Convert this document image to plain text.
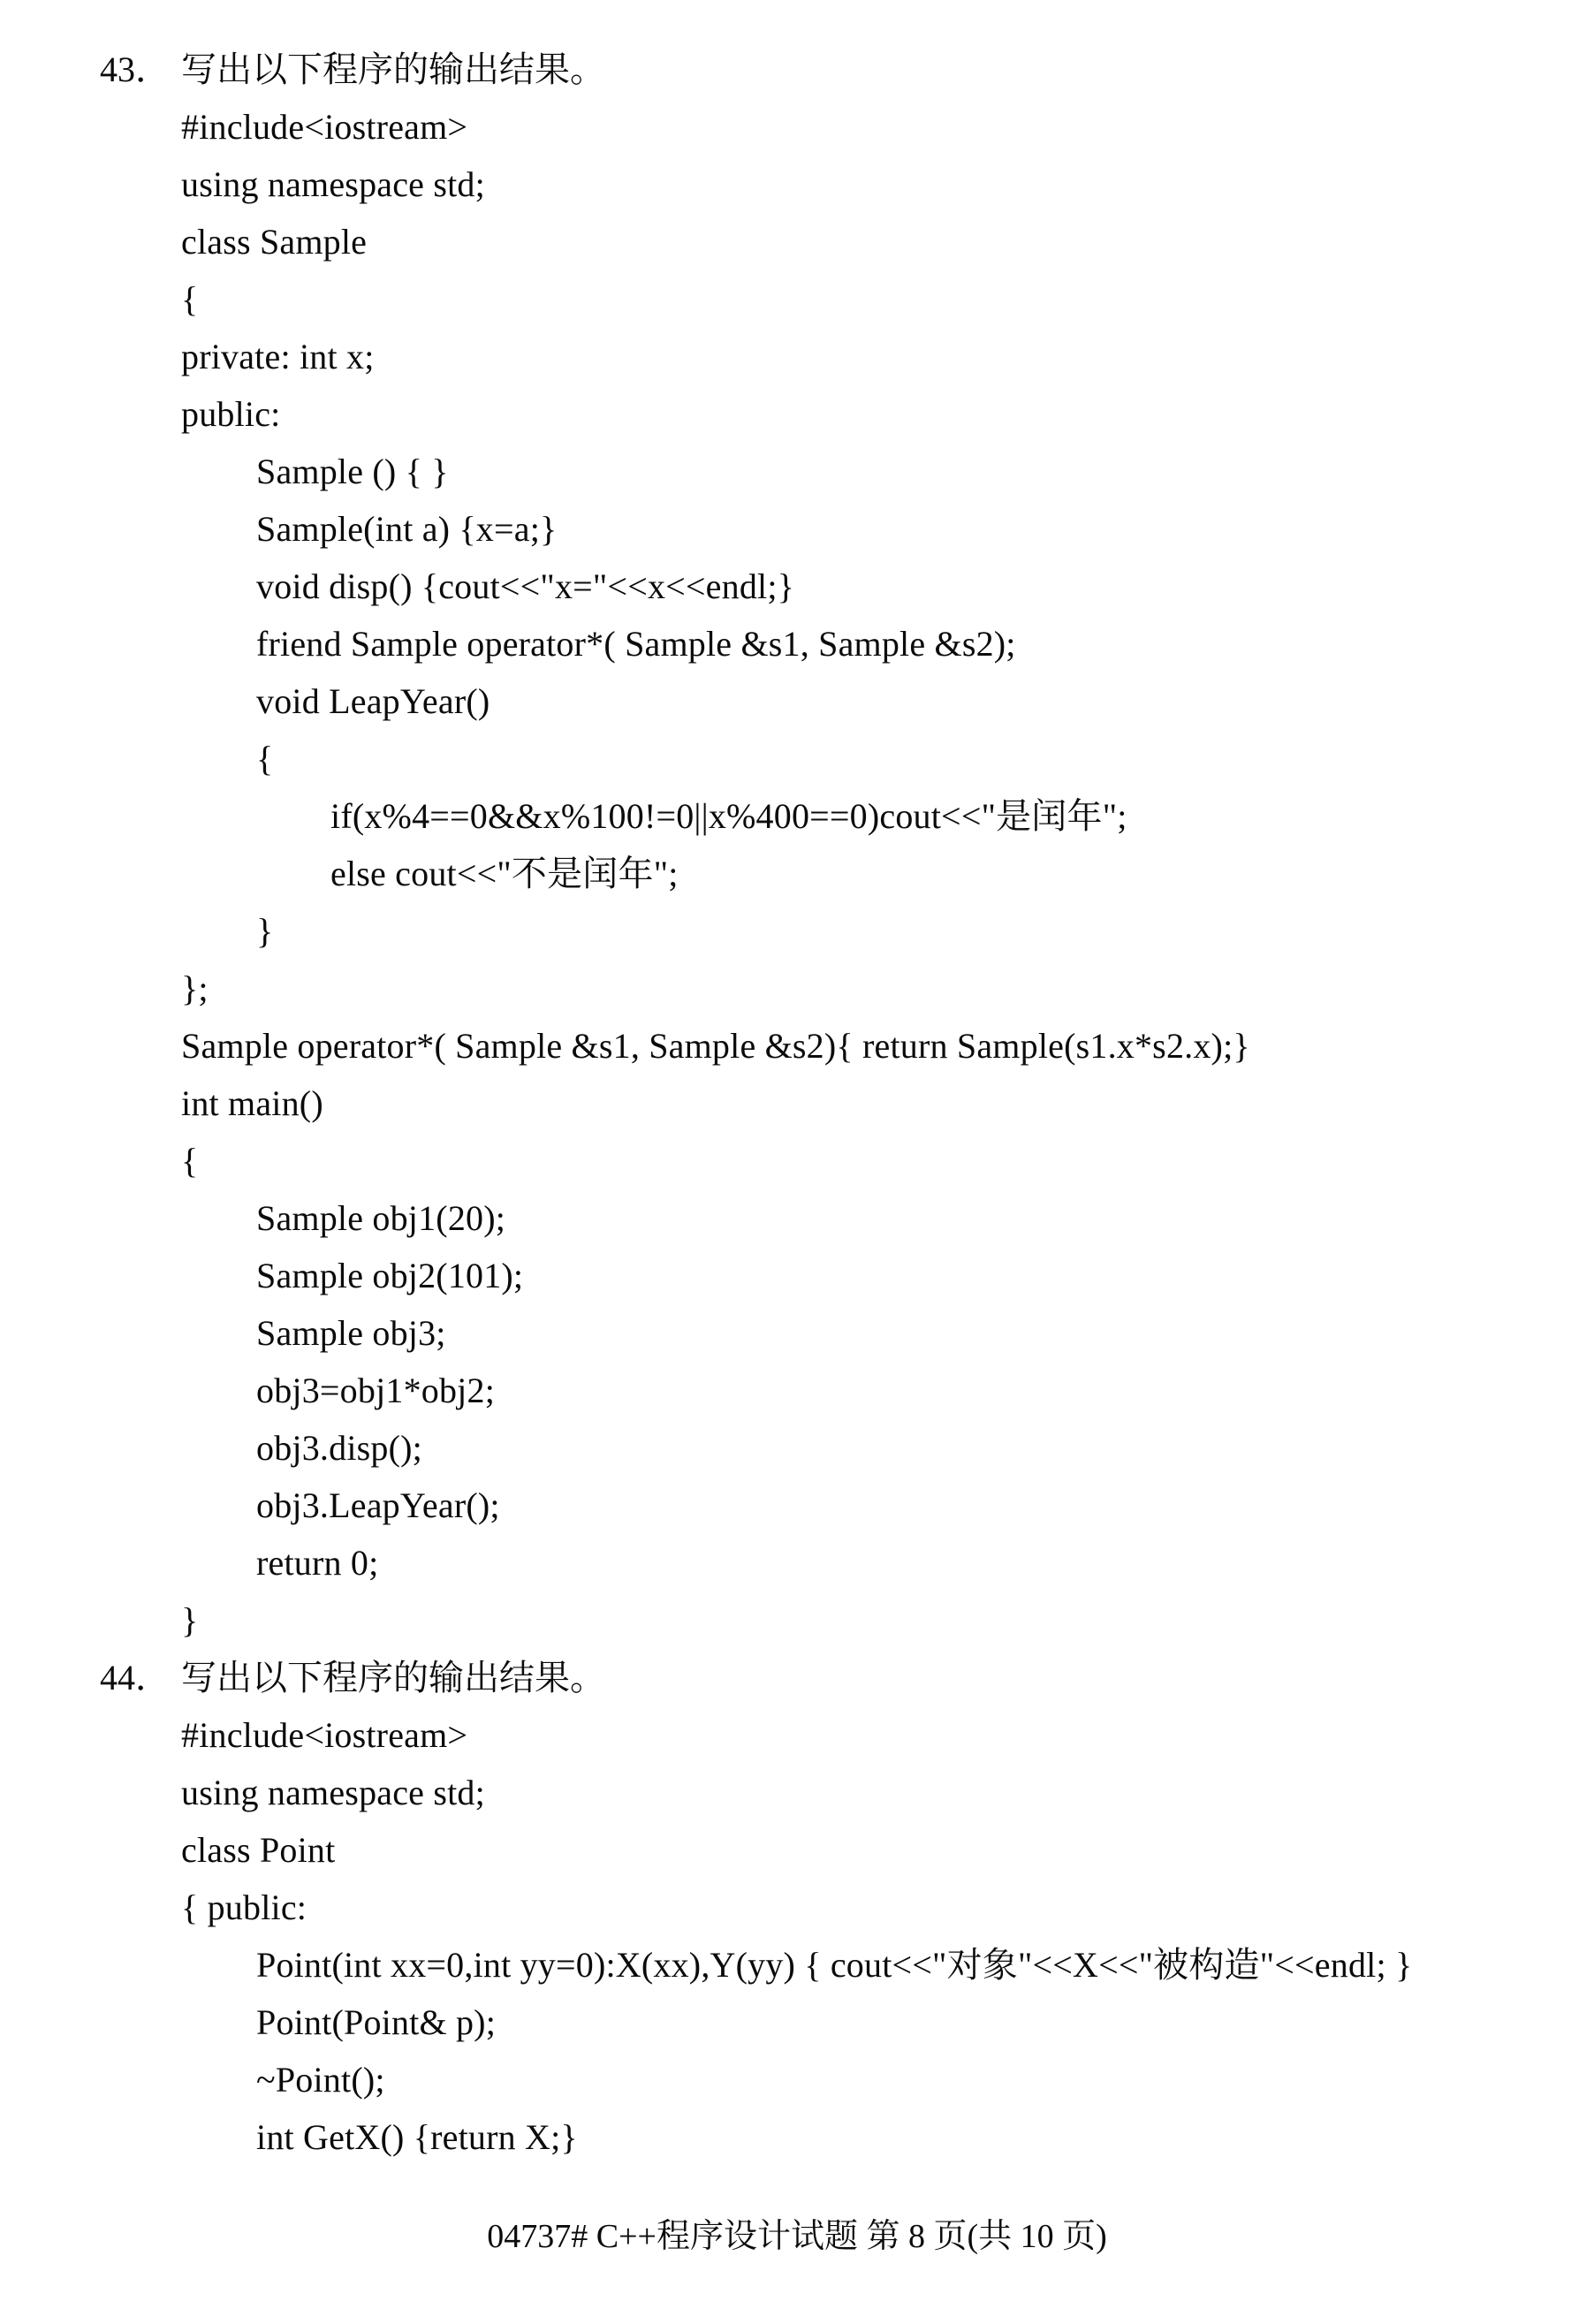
43． 写出以下程序的输出结果。
#include<iostream>
using namespace std;
class Sample
{
private: int x;
public:
Sample () { }
Sample(int a) {x=a;}
void disp() {cout<<"x="<<x<<endl;}
friend Sample operator*( Sample &s1, Sample &s2);
void LeapYear()
{
if(x%4==0&&x%100!=0||x%400==0)cout<<"是闰年";
else cout<<"不是闰年";
}
};
Sample operator*( Sample &s1, Sample &s2){ return Sample(s1.x*s2.x);}
int main()
{
Sample obj1(20);
Sample obj2(101);
Sample obj3;
obj3=obj1*obj2;
obj3.disp();
obj3.LeapYear();
return 0;
}
44． 写出以下程序的输出结果。
#include<iostream>
using namespace std;
class Point
{ public:
Point(int xx=0,int yy=0):X(xx),Y(yy) { cout<<"对象"<<X<<"被构造"<<endl; }
Point(Point& p);
~Point();
int GetX() {return X;}
04737# C++程序设计试题 第 8 页(共 10 页)
